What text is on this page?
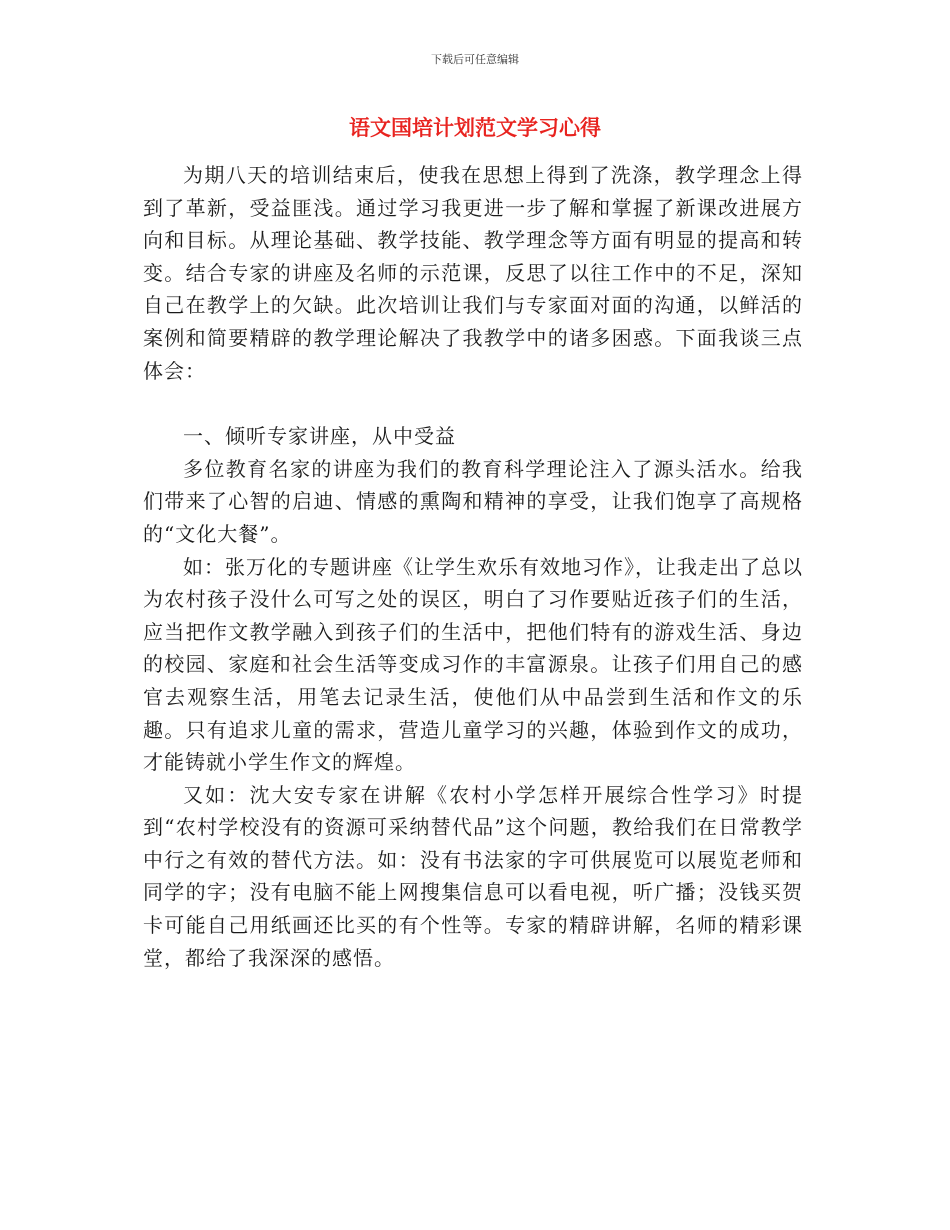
下载后可任意编辑
语文国培计划范文学习心得

为期八天的培训结束后，使我在思想上得到了洗涤，教学理念上得到了革新，受益匪浅。通过学习我更进一步了解和掌握了新课改进展方向和目标。从理论基础、教学技能、教学理念等方面有明显的提高和转变。结合专家的讲座及名师的示范课，反思了以往工作中的不足，深知自己在教学上的欠缺。此次培训让我们与专家面对面的沟通，以鲜活的案例和简要精辟的教学理论解决了我教学中的诸多困惑。下面我谈三点体会：

一、倾听专家讲座，从中受益

多位教育名家的讲座为我们的教育科学理论注入了源头活水。给我们带来了心智的启迪、情感的熏陶和精神的享受，让我们饱享了高规格的“文化大餐”。

如：张万化的专题讲座《让学生欢乐有效地习作》，让我走出了总以为农村孩子没什么可写之处的误区，明白了习作要贴近孩子们的生活，应当把作文教学融入到孩子们的生活中，把他们特有的游戏生活、身边的校园、家庭和社会生活等变成习作的丰富源泉。让孩子们用自己的感官去观察生活，用笔去记录生活，使他们从中品尝到生活和作文的乐趣。只有追求儿童的需求，营造儿童学习的兴趣，体验到作文的成功，才能铸就小学生作文的辉煌。

又如：沈大安专家在讲解《农村小学怎样开展综合性学习》时提到“农村学校没有的资源可采纳替代品”这个问题，教给我们在日常教学中行之有效的替代方法。如：没有书法家的字可供展览可以展览老师和同学的字；没有电脑不能上网搜集信息可以看电视，听广播；没钱买贺卡可能自己用纸画还比买的有个性等。专家的精辟讲解，名师的精彩课堂，都给了我深深的感悟。
